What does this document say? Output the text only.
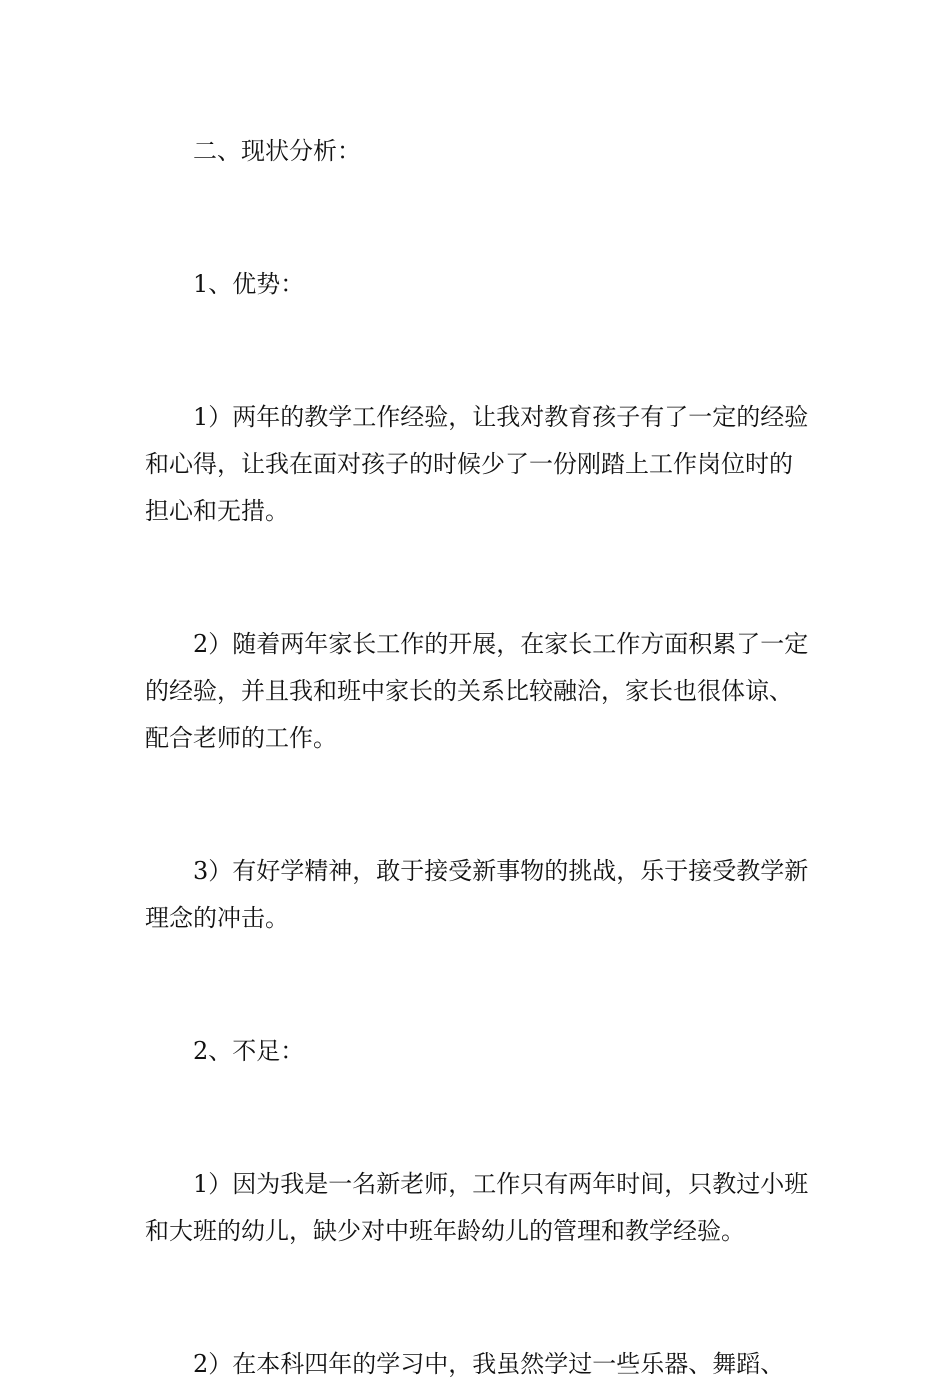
二、现状分析：

1、优势：

1）两年的教学工作经验，让我对教育孩子有了一定的经验和心得，让我在面对孩子的时候少了一份刚踏上工作岗位时的担心和无措。

2）随着两年家长工作的开展，在家长工作方面积累了一定的经验，并且我和班中家长的关系比较融洽，家长也很体谅、配合老师的工作。

3）有好学精神，敢于接受新事物的挑战，乐于接受教学新理念的冲击。

2、不足：

1）因为我是一名新老师，工作只有两年时间，只教过小班和大班的幼儿，缺少对中班年龄幼儿的管理和教学经验。

2）在本科四年的学习中，我虽然学过一些乐器、舞蹈、
